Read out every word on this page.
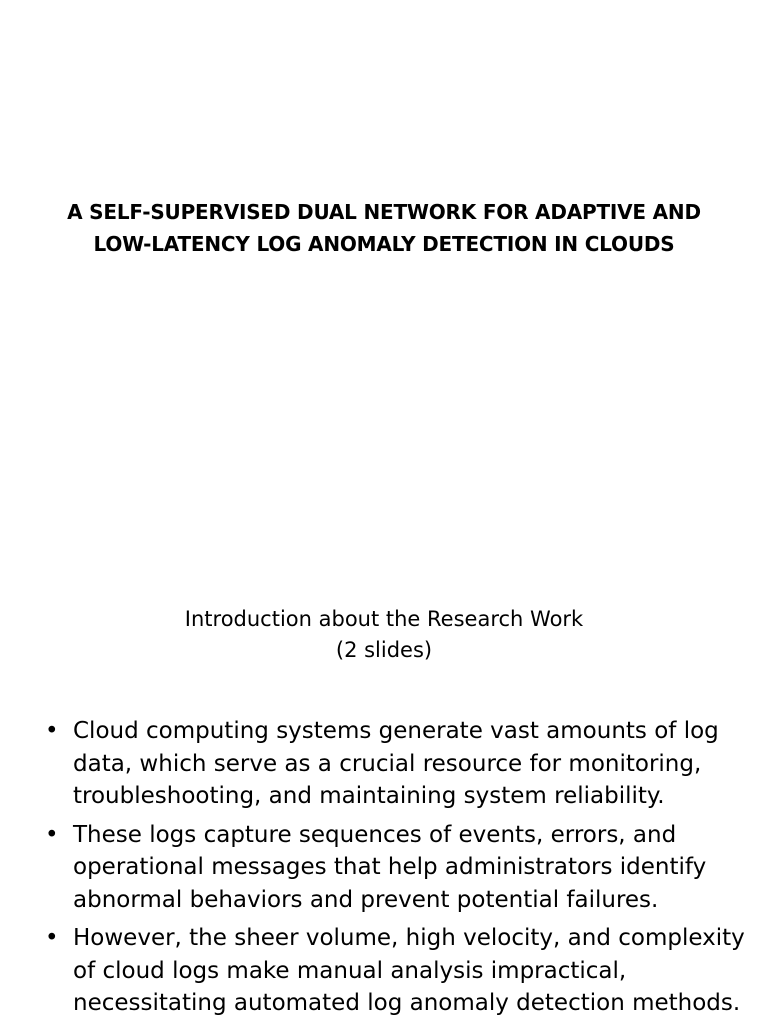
A SELF-SUPERVISED DUAL NETWORK FOR ADAPTIVE AND
LOW-LATENCY LOG ANOMALY DETECTION IN CLOUDS
Introduction about the Research Work
(2 slides)
• Cloud computing systems generate vast amounts of log
data, which serve as a crucial resource for monitoring,
troubleshooting, and maintaining system reliability.
• These logs capture sequences of events, errors, and
operational messages that help administrators identify
abnormal behaviors and prevent potential failures.
• However, the sheer volume, high velocity, and complexity
of cloud logs make manual analysis impractical,
necessitating automated log anomaly detection methods.
